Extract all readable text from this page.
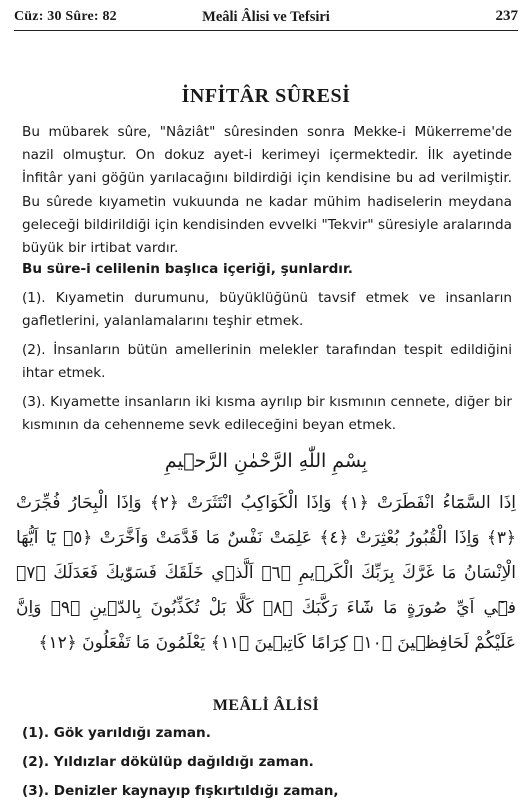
Cüz: 30 Sûre: 82	Meâli Âlisi ve Tefsiri	237
İNFİTÂR SÛRESİ

Bu mübarek sûre, "Nâziât" sûresinden sonra Mekke-i Mükerreme'de nazil olmuştur. On dokuz ayet-i kerimeyi içermektedir. İlk ayetinde İnfitâr yani göğün yarılacağını bildirdiği için kendisine bu ad verilmiştir. Bu sûrede kıyametin vukuunda ne kadar mühim hadiselerin meydana geleceği bildirildiği için kendisinden evvelki "Tekvir" süresiyle aralarında büyük bir irtibat vardır.

Bu süre-i celilenin başlıca içeriği, şunlardır.

(1). Kıyametin durumunu, büyüklüğünü tavsif etmek ve insanların gafletlerini, yalanlamalarını teşhir etmek.

(2). İnsanların bütün amellerinin melekler tarafından tespit edildiğini ihtar etmek.

(3). Kıyamette insanların iki kısma ayrılıp bir kısmının cennete, diğer bir kısmının da cehenneme sevk edileceğini beyan etmek.

بِسْمِ اللّٰهِ الرَّحْمٰنِ الرَّح۪يمِ

اِذَا السَّمَٓاءُ انْفَطَرَتْ ﴿١﴾ وَاِذَا الْكَوَاكِبُ انْتَثَرَتْ ﴿٢﴾ وَاِذَا الْبِحَارُ فُجِّرَتْ ﴿٣﴾ وَاِذَا الْقُبُورُ بُعْثِرَتْ ﴿٤﴾ عَلِمَتْ نَفْسٌ مَا قَدَّمَتْ وَاَخَّرَتْ ﴿٥﴾ يَٓا اَيُّهَا الْاِنْسَانُ مَا غَرَّكَ بِرَبِّكَ الْكَر۪يمِ ﴿٦﴾ اَلَّذ۪ي خَلَقَكَ فَسَوّٰيكَ فَعَدَلَكَ ﴿٧﴾ ف۪ٓي اَيِّ صُورَةٍ مَا شَٓاءَ رَكَّبَكَ ﴿٨﴾ كَلَّا بَلْ تُكَذِّبُونَ بِالدّ۪ينِ ﴿٩﴾ وَاِنَّ عَلَيْكُمْ لَحَافِظ۪ينَ ﴿١٠﴾ كِرَامًا كَاتِب۪ينَ ﴿١١﴾ يَعْلَمُونَ مَا تَفْعَلُونَ ﴿١٢﴾

MEÂLİ ÂLİSİ
(1). Gök yarıldığı zaman.
(2). Yıldızlar dökülüp dağıldığı zaman.
(3). Denizler kaynayıp fışkırtıldığı zaman,
